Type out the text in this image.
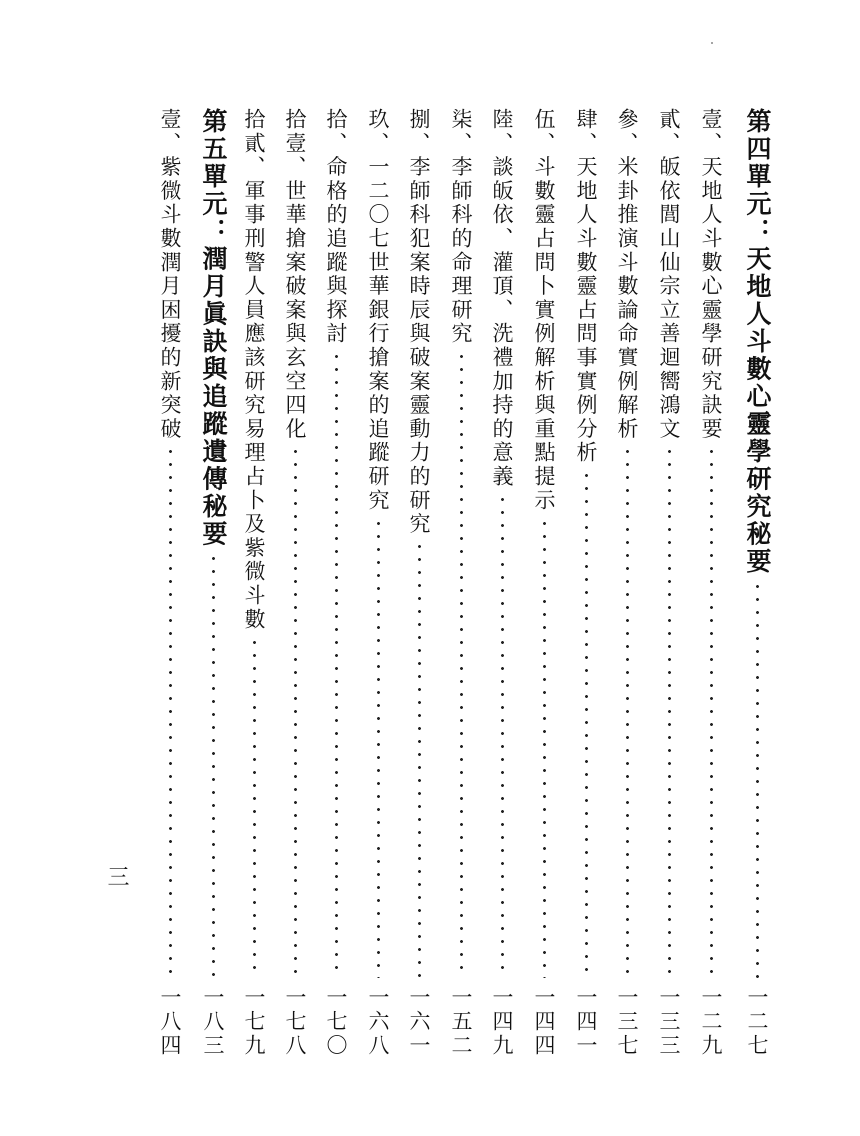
第四單元：天地人斗數心靈學研究秘要
一二七
壹、天地人斗數心靈學研究訣要
一二九
貳、皈依閭山仙宗立善迴嚮鴻文
一三三
參、米卦推演斗數論命實例解析
一三七
肆、天地人斗數靈占問事實例分析
一四一
伍、斗數靈占問卜實例解析與重點提示
一四四
陸、談皈依、灌頂、洗禮加持的意義
一四九
柒、李師科的命理研究
一五二
捌、李師科犯案時辰與破案靈動力的研究
一六一
玖、一二〇七世華銀行搶案的追蹤研究
一六八
拾、命格的追蹤與探討
一七〇
拾壹、世華搶案破案與玄空四化
一七八
拾貳、軍事刑警人員應該研究易理占卜及紫微斗數
一七九
第五單元：潤月眞訣與追蹤遺傳秘要
一八三
壹、紫微斗數潤月困擾的新突破
一八四
三
